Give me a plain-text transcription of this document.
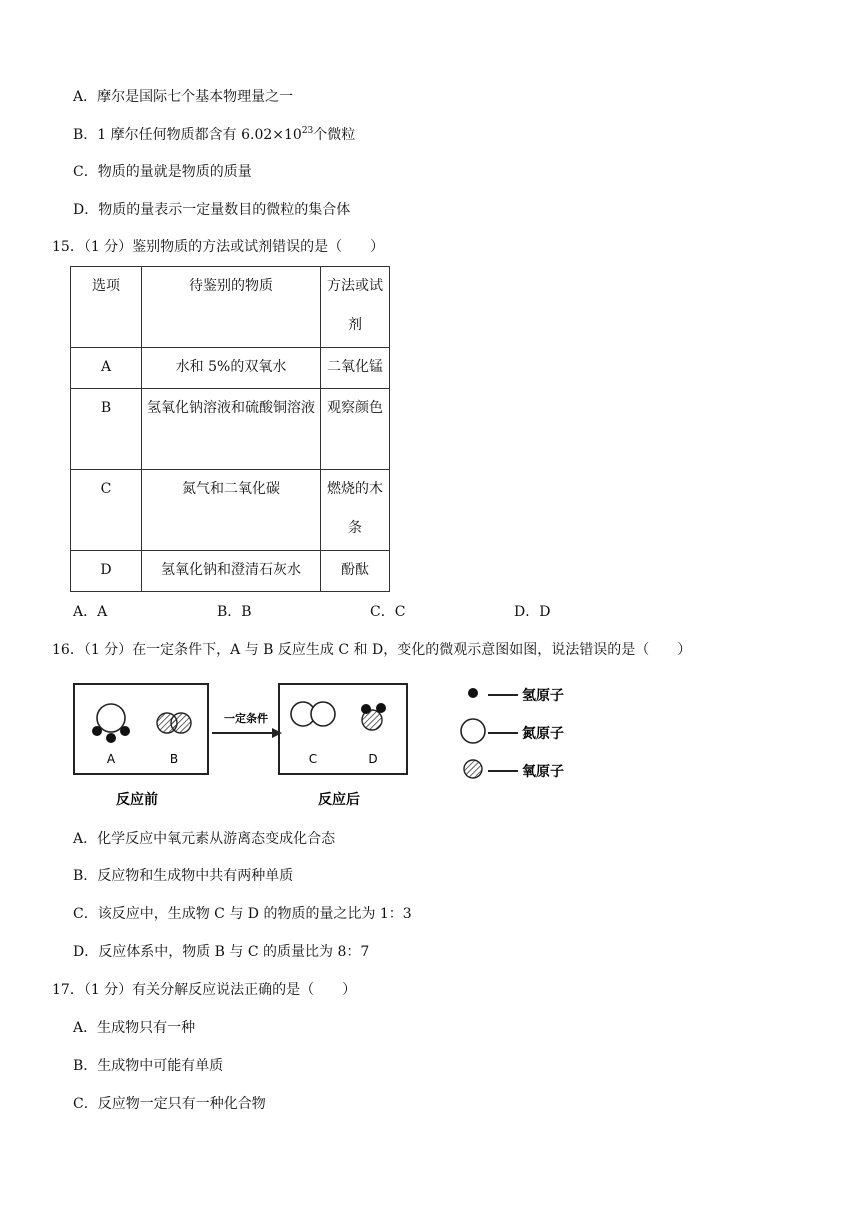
A．摩尔是国际七个基本物理量之一
B．1 摩尔任何物质都含有 $6.02\times 10^{23}$个微粒
C．物质的量就是物质的质量
D．物质的量表示一定量数目的微粒的集合体
15．（1 分）鉴别物质的方法或试剂错误的是（　　）
选项	待鉴别的物质	方法或试剂
A	水和 5%的双氧水	二氧化锰
B	氢氧化钠溶液和硫酸铜溶液	观察颜色
C	氮气和二氧化碳	燃烧的木条
D	氢氧化钠和澄清石灰水	酚酞
A．A	B．B	C．C	D．D
16．（1 分）在一定条件下，A 与 B 反应生成 C 和 D，变化的微观示意图如图，说法错误的是（　　）
A	B
一定条件
C	D
反应前	反应后
氢原子
氮原子
氧原子
A．化学反应中氧元素从游离态变成化合态
B．反应物和生成物中共有两种单质
C．该反应中，生成物 C 与 D 的物质的量之比为 1：3
D．反应体系中，物质 B 与 C 的质量比为 8：7
17．（1 分）有关分解反应说法正确的是（　　）
A．生成物只有一种
B．生成物中可能有单质
C．反应物一定只有一种化合物
